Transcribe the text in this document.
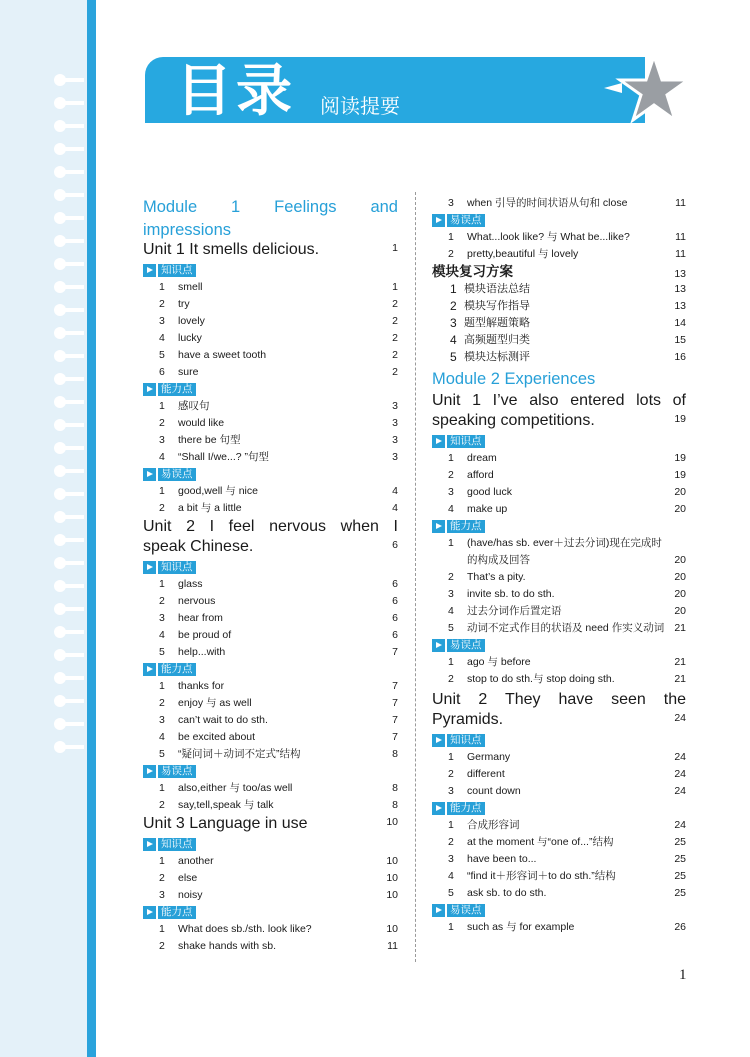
目录 阅读提要
Module 1 Feelings and
impressions
Unit 1 It smells delicious.	1
知识点
1 smell	1
2 try	2
3 lovely	2
4 lucky	2
5 have a sweet tooth	2
6 sure	2
能力点
1 感叹句	3
2 would like	3
3 there be 句型	3
4 “Shall I/we...? ”句型	3
易误点
1 good,well 与 nice	4
2 a bit 与 a little	4
Unit 2 I feel nervous when I
speak Chinese.	6
知识点
1 glass	6
2 nervous	6
3 hear from	6
4 be proud of	6
5 help...with	7
能力点
1 thanks for	7
2 enjoy 与 as well	7
3 can’t wait to do sth.	7
4 be excited about	7
5 “疑问词＋动词不定式”结构	8
易误点
1 also,either 与 too/as well	8
2 say,tell,speak 与 talk	8
Unit 3 Language in use	10
知识点
1 another	10
2 else	10
3 noisy	10
能力点
1 What does sb./sth. look like?	10
2 shake hands with sb.	11
3 when 引导的时间状语从句和 close	11
易误点
1 What...look like? 与 What be...like?	11
2 pretty,beautiful 与 lovely	11
模块复习方案	13
1 模块语法总结	13
2 模块写作指导	13
3 题型解题策略	14
4 高频题型归类	15
5 模块达标测评	16
Module 2 Experiences
Unit 1 I’ve also entered lots of
speaking competitions.	19
知识点
1 dream	19
2 afford	19
3 good luck	20
4 make up	20
能力点
1 (have/has sb. ever＋过去分词)现在完成时
的构成及回答	20
2 That’s a pity.	20
3 invite sb. to do sth.	20
4 过去分词作后置定语	20
5 动词不定式作目的状语及 need 作实义动词 21
易误点
1 ago 与 before	21
2 stop to do sth.与 stop doing sth.	21
Unit 2 They have seen the
Pyramids.	24
知识点
1 Germany	24
2 different	24
3 count down	24
能力点
1 合成形容词	24
2 at the moment 与“one of...”结构	25
3 have been to...	25
4 “find it＋形容词＋to do sth.”结构	25
5 ask sb. to do sth.	25
易误点
1 such as 与 for example	26
1
